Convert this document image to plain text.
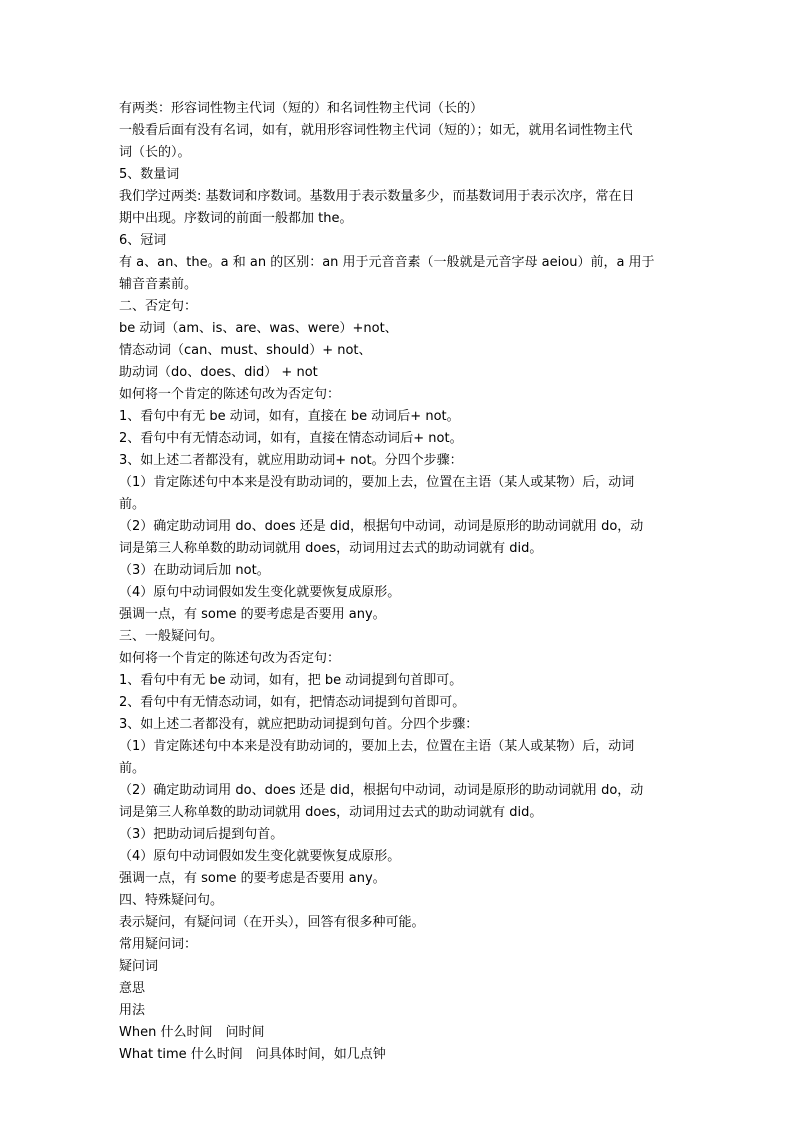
有两类：形容词性物主代词（短的）和名词性物主代词（长的）
一般看后面有没有名词，如有，就用形容词性物主代词（短的）；如无，就用名词性物主代
词（长的）。
5、数量词
我们学过两类: 基数词和序数词。基数用于表示数量多少，而基数词用于表示次序，常在日
期中出现。序数词的前面一般都加 the。
6、冠词
有 a、an、the。a 和 an 的区别：an 用于元音音素（一般就是元音字母 aeiou）前，a 用于
辅音音素前。
二、否定句：
be 动词（am、is、are、was、were）+not、
情态动词（can、must、should）+ not、
助动词（do、does、did） + not
如何将一个肯定的陈述句改为否定句：
1、看句中有无 be 动词，如有，直接在 be 动词后+ not。
2、看句中有无情态动词，如有，直接在情态动词后+ not。
3、如上述二者都没有，就应用助动词+ not。分四个步骤：
（1）肯定陈述句中本来是没有助动词的，要加上去，位置在主语（某人或某物）后，动词
前。
（2）确定助动词用 do、does 还是 did，根据句中动词，动词是原形的助动词就用 do，动
词是第三人称单数的助动词就用 does，动词用过去式的助动词就有 did。
（3）在助动词后加 not。
（4）原句中动词假如发生变化就要恢复成原形。
强调一点，有 some 的要考虑是否要用 any。
三、一般疑问句。
如何将一个肯定的陈述句改为否定句：
1、看句中有无 be 动词，如有，把 be 动词提到句首即可。
2、看句中有无情态动词，如有，把情态动词提到句首即可。
3、如上述二者都没有，就应把助动词提到句首。分四个步骤：
（1）肯定陈述句中本来是没有助动词的，要加上去，位置在主语（某人或某物）后，动词
前。
（2）确定助动词用 do、does 还是 did，根据句中动词，动词是原形的助动词就用 do，动
词是第三人称单数的助动词就用 does，动词用过去式的助动词就有 did。
（3）把助动词后提到句首。
（4）原句中动词假如发生变化就要恢复成原形。
强调一点，有 some 的要考虑是否要用 any。
四、特殊疑问句。
表示疑问，有疑问词（在开头），回答有很多种可能。
常用疑问词：
疑问词
意思
用法
When 什么时间　问时间
What time 什么时间　问具体时间，如几点钟
